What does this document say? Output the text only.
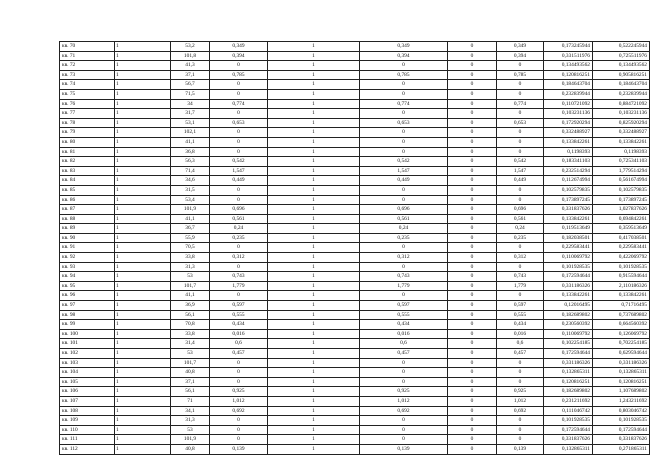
кв. 70	1	53,2	0,349	1	0,349	0	0,349	0,173245944	0,522245944
кв. 71	1	101,8	0,394	1	0,394	0	0,394	0,331511976	0,725511976
кв. 72	1	41,3	0	1	0	0	0	0,134493562	0,134493562
кв. 73	1	37,1	0,785	1	0,785	0	0,785	0,120816251	0,905816251
кв. 74	1	56,7	0	1	0	0	0	0,184643704	0,184643704
кв. 75	1	71,5	0	1	0	0	0	0,232839944	0,232839944
кв. 76	1	34	0,774	1	0,774	0	0,774	0,110721092	0,884721092
кв. 77	1	31,7	0	1	0	0	0	0,103231136	0,103231136
кв. 78	1	53,1	0,653	1	0,653	0	0,653	0,172920294	0,825920294
кв. 79	1	102,1	0	1	0	0	0	0,332488927	0,332488927
кв. 80	1	41,1	0	1	0	0	0	0,133842261	0,133842261
кв. 81	1	36,8	0	1	0	0	0	0,1198393	0,1198393
кв. 82	1	56,3	0,542	1	0,542	0	0,542	0,183341103	0,725341103
кв. 83	1	71,4	1,547	1	1,547	0	1,547	0,232514294	1,779514294
кв. 84	1	34,6	0,449	1	0,449	0	0,449	0,112674994	0,561674994
кв. 85	1	31,5	0	1	0	0	0	0,102579835	0,102579835
кв. 86	1	53,4	0	1	0	0	0	0,173897245	0,173897245
кв. 87	1	101,9	0,696	1	0,696	0	0,696	0,331837626	1,027837626
кв. 88	1	41,1	0,561	1	0,561	0	0,561	0,133842261	0,694842261
кв. 89	1	36,7	0,24	1	0,24	0	0,24	0,119513649	0,359513649
кв. 90	1	55,9	0,235	1	0,235	0	0,235	0,182038501	0,417038501
кв. 91	1	70,5	0	1	0	0	0	0,229583441	0,229583441
кв. 92	1	33,8	0,312	1	0,312	0	0,312	0,110069792	0,422069792
кв. 93	1	31,3	0	1	0	0	0	0,101928535	0,101928535
кв. 94	1	53	0,743	1	0,743	0	0,743	0,172594644	0,915594644
кв. 95	1	101,7	1,779	1	1,779	0	1,779	0,331186326	2,110186326
кв. 96	1	41,1	0	1	0	0	0	0,133842261	0,133842261
кв. 97	1	36,9	0,597	1	0,597	0	0,597	0,12016495	0,71716495
кв. 98	1	56,1	0,555	1	0,555	0	0,555	0,182689802	0,737689802
кв. 99	1	70,8	0,434	1	0,434	0	0,434	0,230560392	0,664560392
кв. 100	1	33,8	0,016	1	0,016	0	0,016	0,110069792	0,126069792
кв. 101	1	31,4	0,6	1	0,6	0	0,6	0,102254185	0,702254185
кв. 102	1	53	0,457	1	0,457	0	0,457	0,172594644	0,629594644
кв. 103	1	101,7	0	1	0	0	0	0,331186326	0,331186326
кв. 104	1	40,8	0	1	0	0	0	0,132865311	0,132865311
кв. 105	1	37,1	0	1	0	0	0	0,120816251	0,120816251
кв. 106	1	56,1	0,925	1	0,925	0	0,925	0,182689802	1,107689802
кв. 107	1	71	1,012	1	1,012	0	1,012	0,231211692	1,243211692
кв. 108	1	34,1	0,692	1	0,692	0	0,692	0,111046742	0,803046742
кв. 109	1	31,3	0	1	0	0	0	0,101928535	0,101928535
кв. 110	1	53	0	1	0	0	0	0,172594644	0,172594644
кв. 111	1	101,9	0	1	0	0	0	0,331837626	0,331837626
кв. 112	1	40,8	0,139	1	0,139	0	0,139	0,132865311	0,271865311
